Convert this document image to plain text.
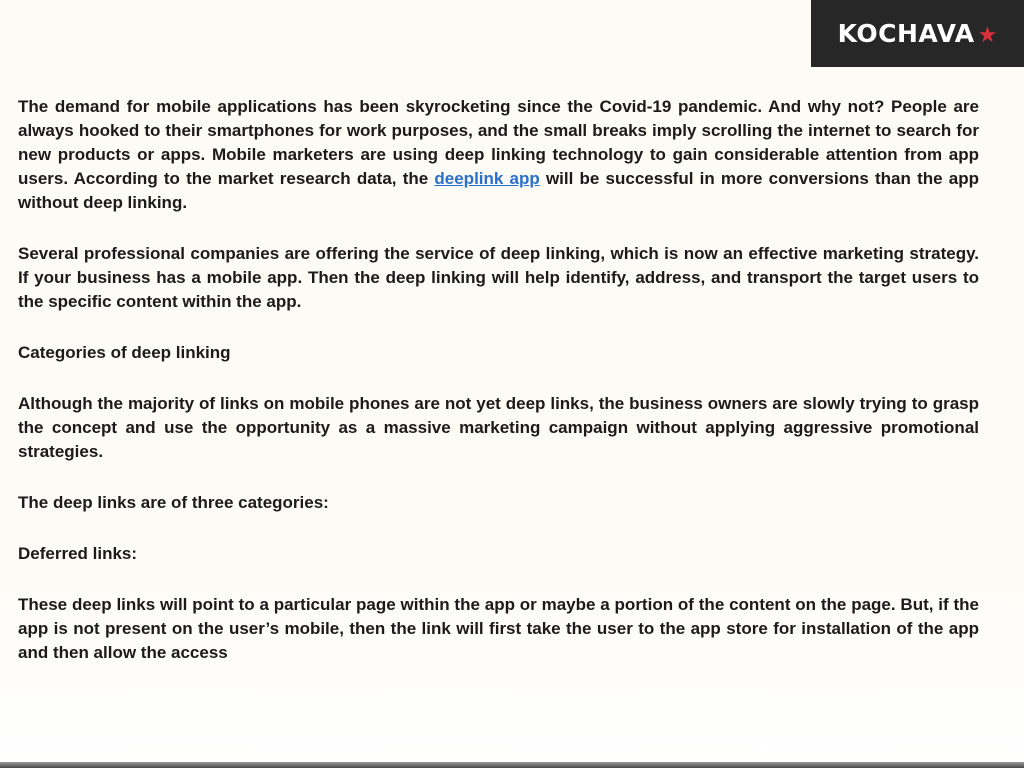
KOCHAVA ★

The demand for mobile applications has been skyrocketing since the Covid-19 pandemic. And why not? People are always hooked to their smartphones for work purposes, and the small breaks imply scrolling the internet to search for new products or apps. Mobile marketers are using deep linking technology to gain considerable attention from app users. According to the market research data, the deeplink app will be successful in more conversions than the app without deep linking.

Several professional companies are offering the service of deep linking, which is now an effective marketing strategy. If your business has a mobile app. Then the deep linking will help identify, address, and transport the target users to the specific content within the app.

Categories of deep linking

Although the majority of links on mobile phones are not yet deep links, the business owners are slowly trying to grasp the concept and use the opportunity as a massive marketing campaign without applying aggressive promotional strategies.

The deep links are of three categories:

Deferred links:

These deep links will point to a particular page within the app or maybe a portion of the content on the page. But, if the app is not present on the user’s mobile, then the link will first take the user to the app store for installation of the app and then allow the access
